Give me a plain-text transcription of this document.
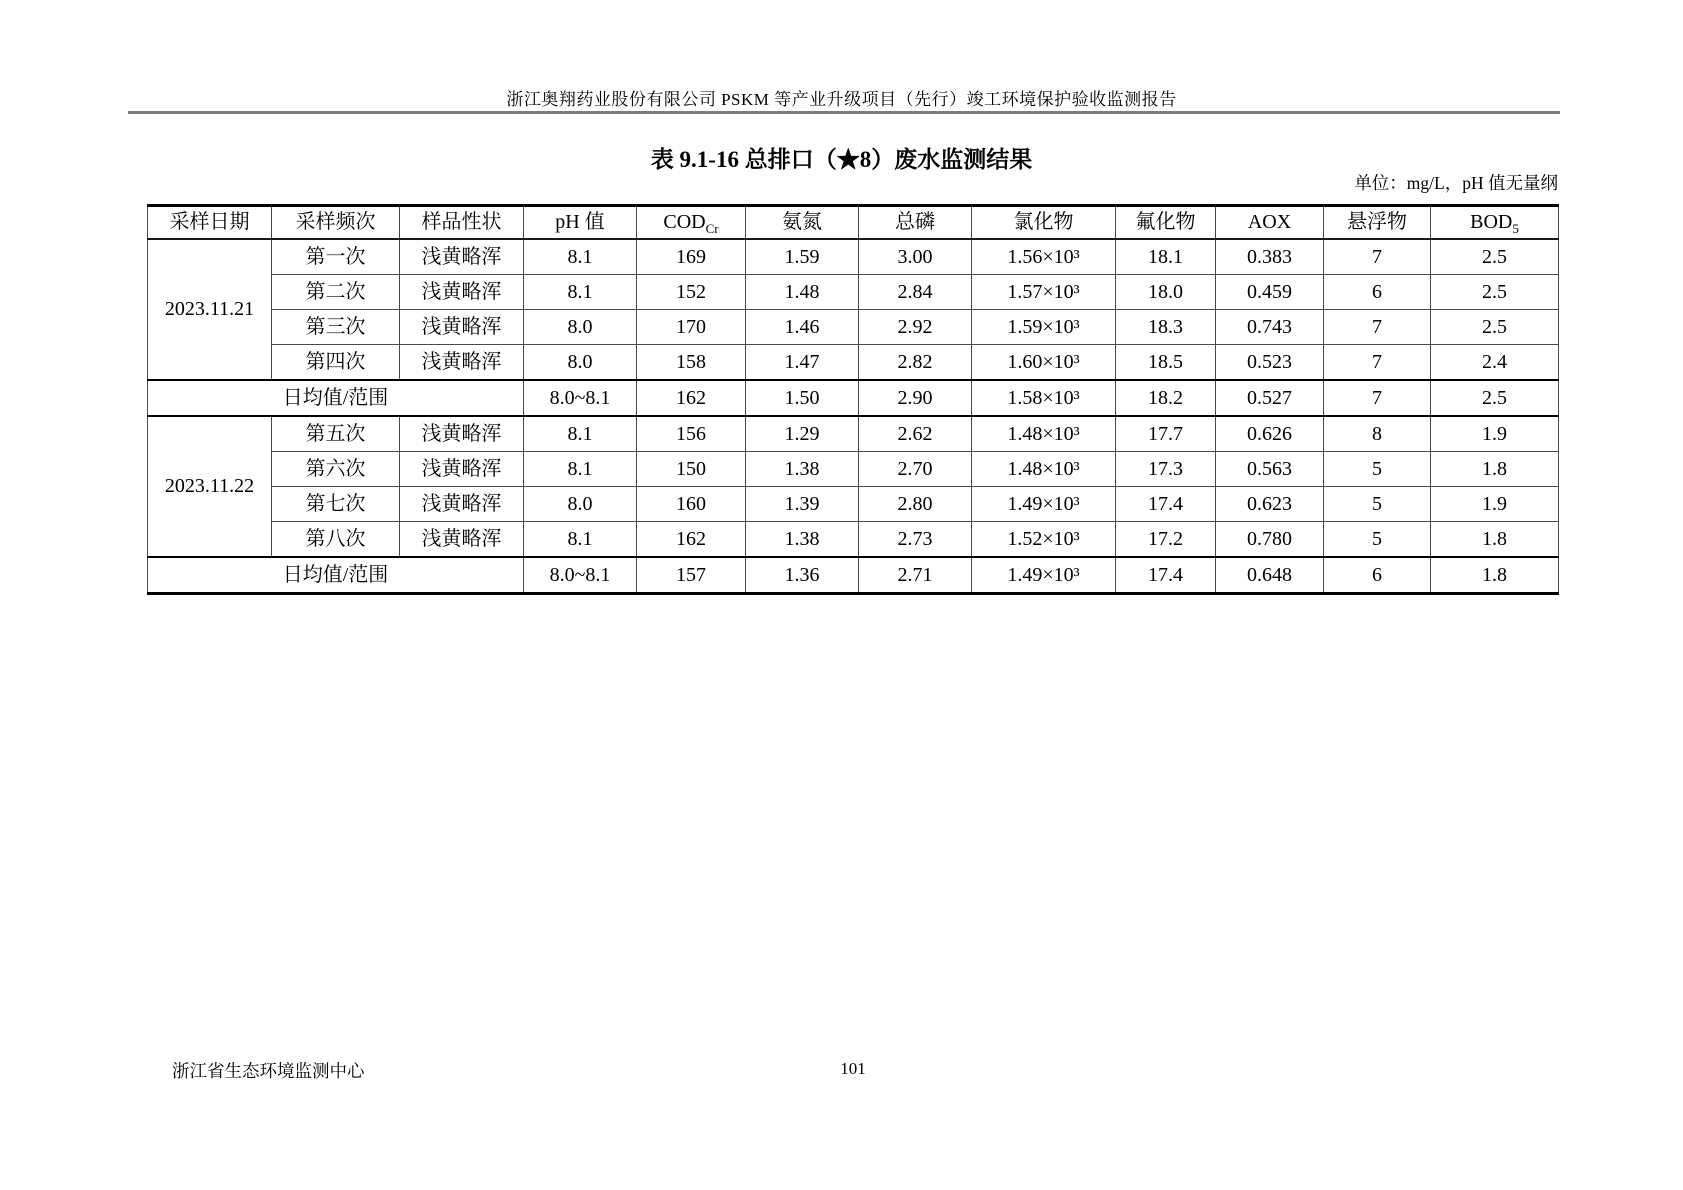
浙江奥翔药业股份有限公司 PSKM 等产业升级项目（先行）竣工环境保护验收监测报告
表 9.1-16 总排口（★8）废水监测结果
单位：mg/L，pH 值无量纲
采样日期	采样频次	样品性状	pH 值	$COD_{Cr}$	氨氮	总磷	氯化物	氟化物	AOX	悬浮物	$BOD_5$
2023.11.21	第一次	浅黄略浑	8.1	169	1.59	3.00	1.56×10³	18.1	0.383	7	2.5
	第二次	浅黄略浑	8.1	152	1.48	2.84	1.57×10³	18.0	0.459	6	2.5
	第三次	浅黄略浑	8.0	170	1.46	2.92	1.59×10³	18.3	0.743	7	2.5
	第四次	浅黄略浑	8.0	158	1.47	2.82	1.60×10³	18.5	0.523	7	2.4
日均值/范围			8.0~8.1	162	1.50	2.90	1.58×10³	18.2	0.527	7	2.5
2023.11.22	第五次	浅黄略浑	8.1	156	1.29	2.62	1.48×10³	17.7	0.626	8	1.9
	第六次	浅黄略浑	8.1	150	1.38	2.70	1.48×10³	17.3	0.563	5	1.8
	第七次	浅黄略浑	8.0	160	1.39	2.80	1.49×10³	17.4	0.623	5	1.9
	第八次	浅黄略浑	8.1	162	1.38	2.73	1.52×10³	17.2	0.780	5	1.8
日均值/范围			8.0~8.1	157	1.36	2.71	1.49×10³	17.4	0.648	6	1.8
浙江省生态环境监测中心	101
